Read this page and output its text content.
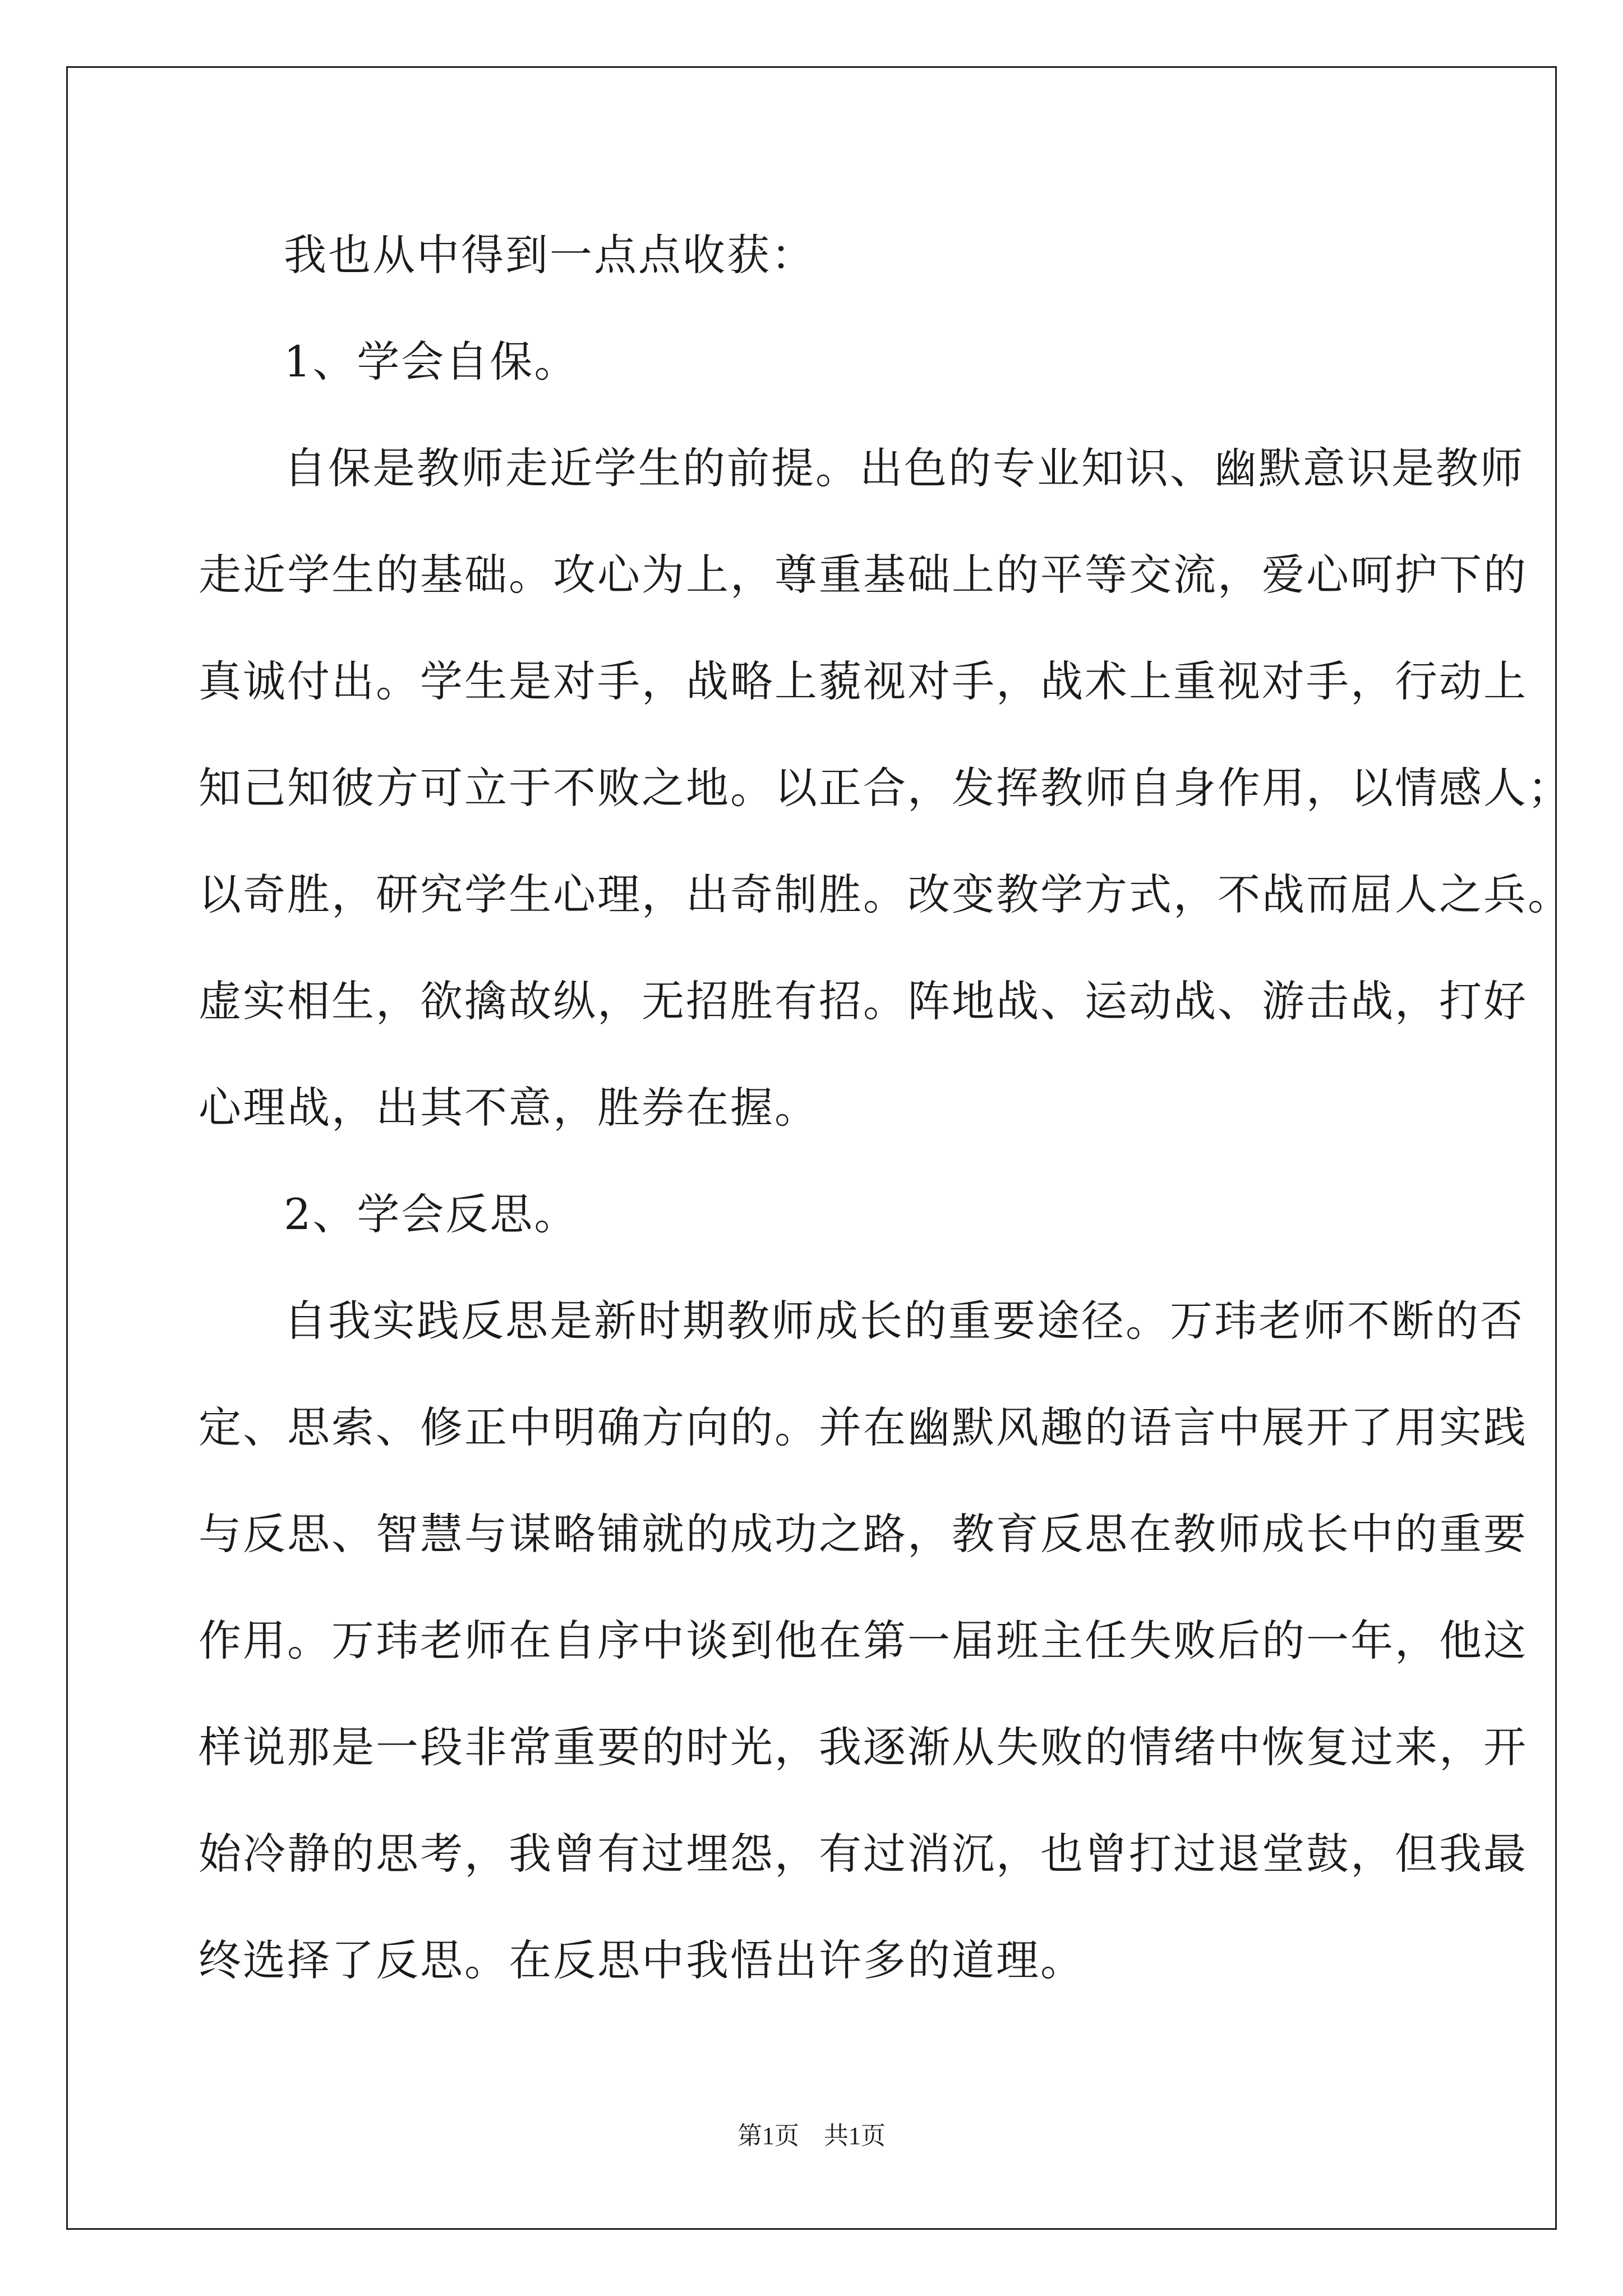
我也从中得到一点点收获：
1、学会自保。
自保是教师走近学生的前提。出色的专业知识、幽默意识是教师
走近学生的基础。攻心为上，尊重基础上的平等交流，爱心呵护下的
真诚付出。学生是对手，战略上藐视对手，战术上重视对手，行动上
知己知彼方可立于不败之地。以正合，发挥教师自身作用，以情感人；
以奇胜，研究学生心理，出奇制胜。改变教学方式，不战而屈人之兵。
虚实相生，欲擒故纵，无招胜有招。阵地战、运动战、游击战，打好
心理战，出其不意，胜券在握。
2、学会反思。
自我实践反思是新时期教师成长的重要途径。万玮老师不断的否
定、思索、修正中明确方向的。并在幽默风趣的语言中展开了用实践
与反思、智慧与谋略铺就的成功之路，教育反思在教师成长中的重要
作用。万玮老师在自序中谈到他在第一届班主任失败后的一年，他这
样说那是一段非常重要的时光，我逐渐从失败的情绪中恢复过来，开
始冷静的思考，我曾有过埋怨，有过消沉，也曾打过退堂鼓，但我最
终选择了反思。在反思中我悟出许多的道理。
第1页　共1页
